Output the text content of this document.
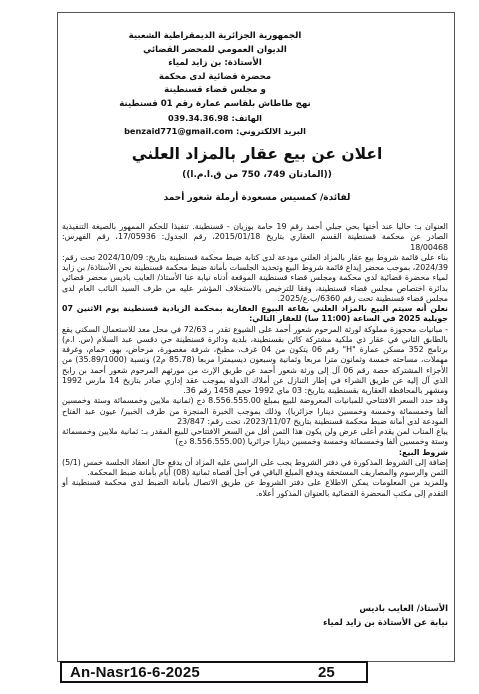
الجمهورية الجزائرية الديمقراطية الشعبية
الديوان العمومي للمحضر القضائي
الأستاذة: بن زايد لمياء
محضرة قضائية لدى محكمة
و مجلس قضاء قسنطينة
نهج طاطاش بلقاسم عمارة رقم 01 قسنطينة
الهاتف: 039.34.36.98
البريد الالكتروني: benzaid771@gmail.com
اعلان عن بيع عقار بالمزاد العلني
((المادتان 749، 750 من ق.ا.م.ا))
لفائدة/ كمسيس مسعودة أرملة شعور أحمد

العنوان بـ: حاليا عند أختها بحي جبلي أحمد رقم 19 حامة بوزيان - قسنطينة. تنفيذا للحكم الممهور بالصيغة التنفيذية الصادر عن محكمة قسنطينة القسم العقاري بتاريخ 2015/01/18، رقم الجدول: 17/05936، رقم الفهرس: 18/00468

بناء على قائمة شروط بيع عقار بالمزاد العلني مودعة لدى كتابة ضبط محكمة قسنطينة بتاريخ: 2024/10/09 تحت رقم: 2024/39، بموجب محضر إيداع قائمة شروط البيع وتحديد الجلسات بأمانة ضبط محكمة قسنطينة نحن الأستاذة/ بن زايد لمياء محضرة قضائية لدى محكمة ومجلس قضاء قسنطينة الموقعة أدناه نيابة عنا الأستاذ/ العايب باديس محضر قضائي بدائرة اختصاص مجلس قضاء قسنطينة، وفقا للترخيص بالاستخلاف المؤشر عليه من طرف السيد النائب العام لدى مجلس قضاء قسنطينة تحت رقم 6360/ب.ع/2025.

نعلن أنه سيتم البيع بالمزاد العلني بقاعة البيوع العقارية بمحكمة الزيادية قسنطينة يوم الاثنين 07 جويلية 2025 في الساعة (11:00 سا) للعقار التالي:

- مبانيات محجوزة مملوكة لورثة المرحوم شعور أحمد على الشيوع تقدر بـ 72/63 في محل معد للاستعمال السكني يقع بالطابق الثاني في عقار ذي ملكية مشتركة كائن بقسنطينة، بلدية ودائرة قسنطينة حي دقسي عبد السلام (س. ا.م) برنامج 352 مسكن عمارة "H" رقم 06 يتكون من 04 غرف، مطبخ، شرفة مغصورة، مرحاض، بهو، حمام، وغرفة مهملات، مساحته خمسة وثمانون مترا مربعا وثمانية وسبعون ديسيمترا مربعا (85.78 م2) ونسبة (35.89/1000) من الأجزاء المشتركة حصة رقم 06 آل إلى ورثة شعور أحمد عن طريق الإرث من مورثهم المرحوم شعور أحمد بن رابح الذي آل إليه عن طريق الشراء في إطار التنازل عن أملاك الدولة بموجب عقد إداري صادر بتاريخ 14 مارس 1992 ومشهر بالمحافظة العقارية بقسنطينة بتاريخ: 03 ماي 1992 حجم 1458 رقم 36.

وقد حدد السعر الافتتاحي للمبانيات المعروضة للبيع بمبلغ 8.556.555.00 دج (ثمانية ملايين وخمسمائة وستة وخمسين ألفا وخمسمائة وخمسة وخمسين دينارا جزائريا). وذلك بموجب الخبرة المنجزة من طرف الخبير/ عيون عبد الفتاح المودعة لدى أمانة ضبط محكمة قسنطينة بتاريخ 2023/11/07، تحت رقم: 23/847

يباع المناب لمن يقدم أعلى عرض ولن يكون هذا الثمن أقل من السعر الافتتاحي للبيع المقدر بـ: ثمانية ملايين وخمسمائة وستة وخمسين ألفا وخمسمائة وخمسة وخمسين دينارا جزائريا (8.556.555.00 دج)

شروط البيع:

إضافة إلى الشروط المذكورة في دفتر الشروط يجب على الراسي عليه المزاد أن يدفع حال انعقاد الجلسة خمس (5/1) الثمن والرسوم والمصاريف المستحقة ويدفع المبلغ الباقي في أجل أقصاه ثمانية (08) أيام بأمانة ضبط المحكمة.

وللمزيد من المعلومات يمكن الاطلاع على دفتر الشروط عن طريق الاتصال بأمانة الضبط لدى محكمة قسنطينة أو التقدم إلى مكتب المحضرة القضائية بالعنوان المذكور أعلاه.

الأستاذ/ العايب باديس
نيابة عن الأستاذة بن زايد لمياء
An-Nasr16-6-2025	25
